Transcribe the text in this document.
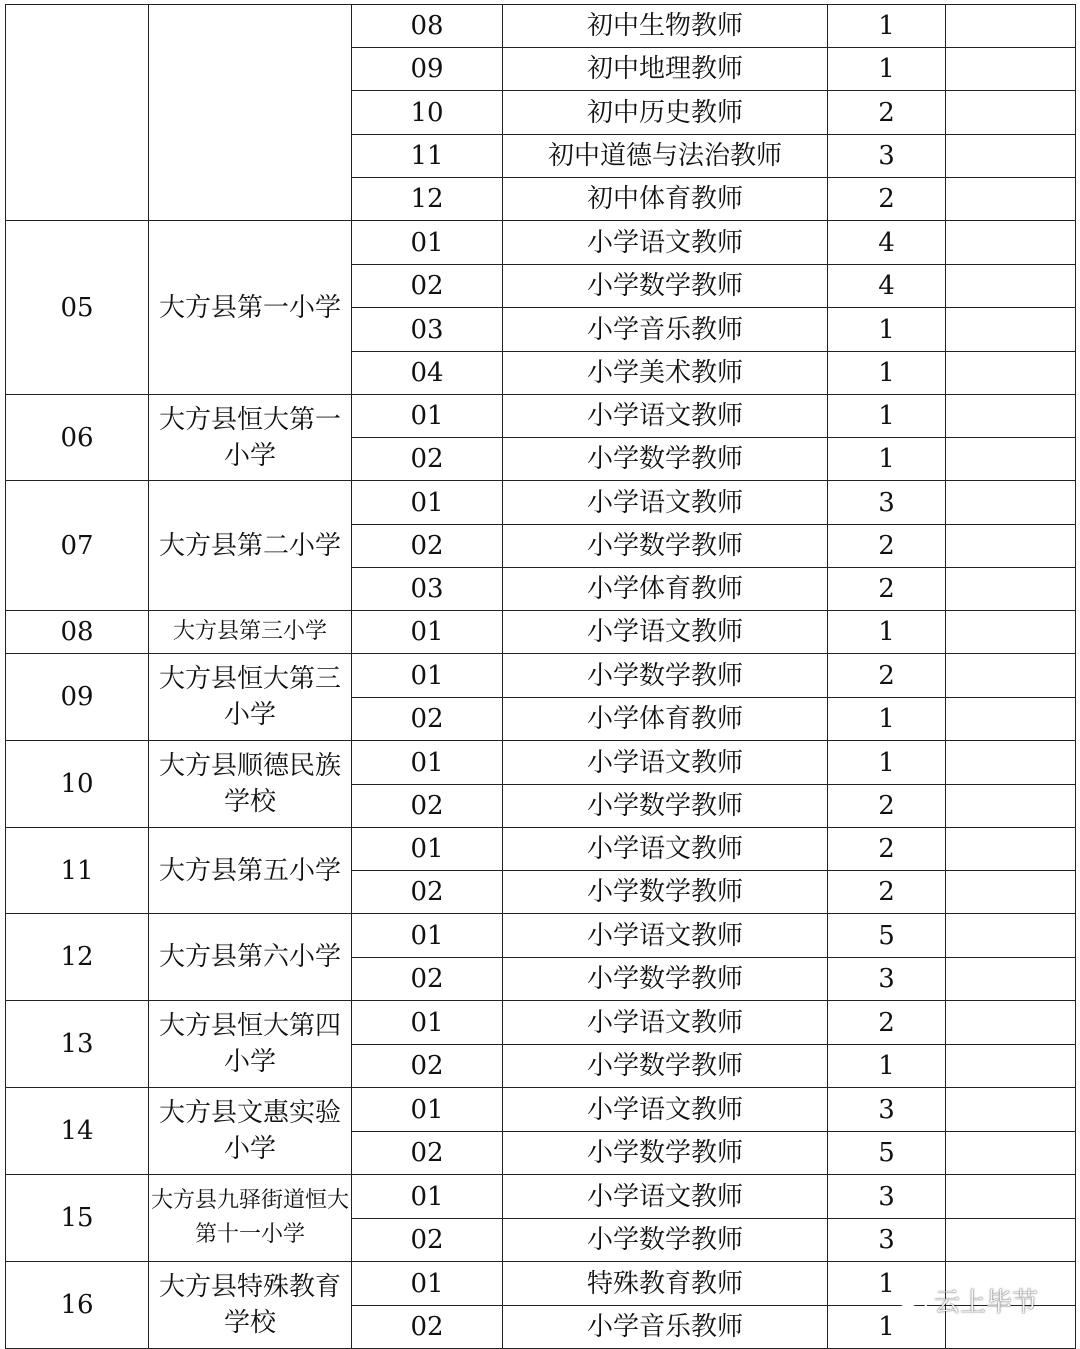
		08	初中生物教师	1	
		09	初中地理教师	1	
		10	初中历史教师	2	
		11	初中道德与法治教师	3	
		12	初中体育教师	2	
05	大方县第一小学	01	小学语文教师	4	
		02	小学数学教师	4	
		03	小学音乐教师	1	
		04	小学美术教师	1	
06	大方县恒大第一小学	01	小学语文教师	1	
		02	小学数学教师	1	
07	大方县第二小学	01	小学语文教师	3	
		02	小学数学教师	2	
		03	小学体育教师	2	
08	大方县第三小学	01	小学语文教师	1	
09	大方县恒大第三小学	01	小学数学教师	2	
		02	小学体育教师	1	
10	大方县顺德民族学校	01	小学语文教师	1	
		02	小学数学教师	2	
11	大方县第五小学	01	小学语文教师	2	
		02	小学数学教师	2	
12	大方县第六小学	01	小学语文教师	5	
		02	小学数学教师	3	
13	大方县恒大第四小学	01	小学语文教师	2	
		02	小学数学教师	1	
14	大方县文惠实验小学	01	小学语文教师	3	
		02	小学数学教师	5	
15	大方县九驿街道恒大第十一小学	01	小学语文教师	3	
		02	小学数学教师	3	
16	大方县特殊教育学校	01	特殊教育教师	1	
		02	小学音乐教师	1	
云上毕节
